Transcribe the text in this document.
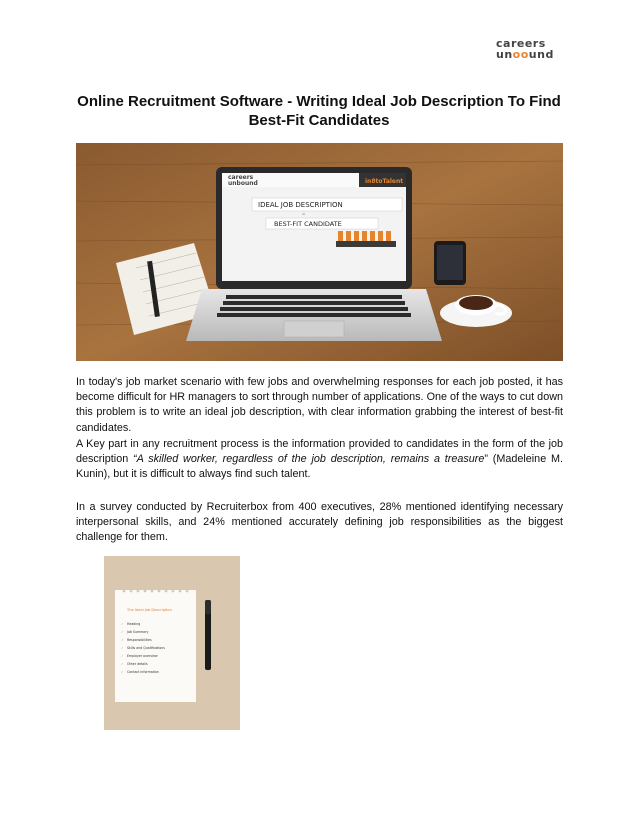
careers
unoound
Online Recruitment Software - Writing Ideal Job Description To Find Best-Fit Candidates
careers
unbound	in8toTalent
IDEAL JOB DESCRIPTION
=
BEST-FIT CANDIDATE

In today's job market scenario with few jobs and overwhelming responses for each job posted, it has become difficult for HR managers to sort through number of applications. One of the ways to cut down this problem is to write an ideal job description, with clear information grabbing the interest of best-fit candidates.

A Key part in any recruitment process is the information provided to candidates in the form of the job description “A skilled worker, regardless of the job description, remains a treasure” (Madeleine M. Kunin), but it is difficult to always find such talent.

In a survey conducted by Recruiterbox from 400 executives, 28% mentioned identifying necessary interpersonal skills, and 24% mentioned accurately defining job responsibilities as the biggest challenge for them.

The Ideal Job Description
✓ Heading
✓	Job Summary
✓ Responsibilities
✓ Skills and Qualifications
✓ Employer overview
✓ Other details
✓ Contact information
